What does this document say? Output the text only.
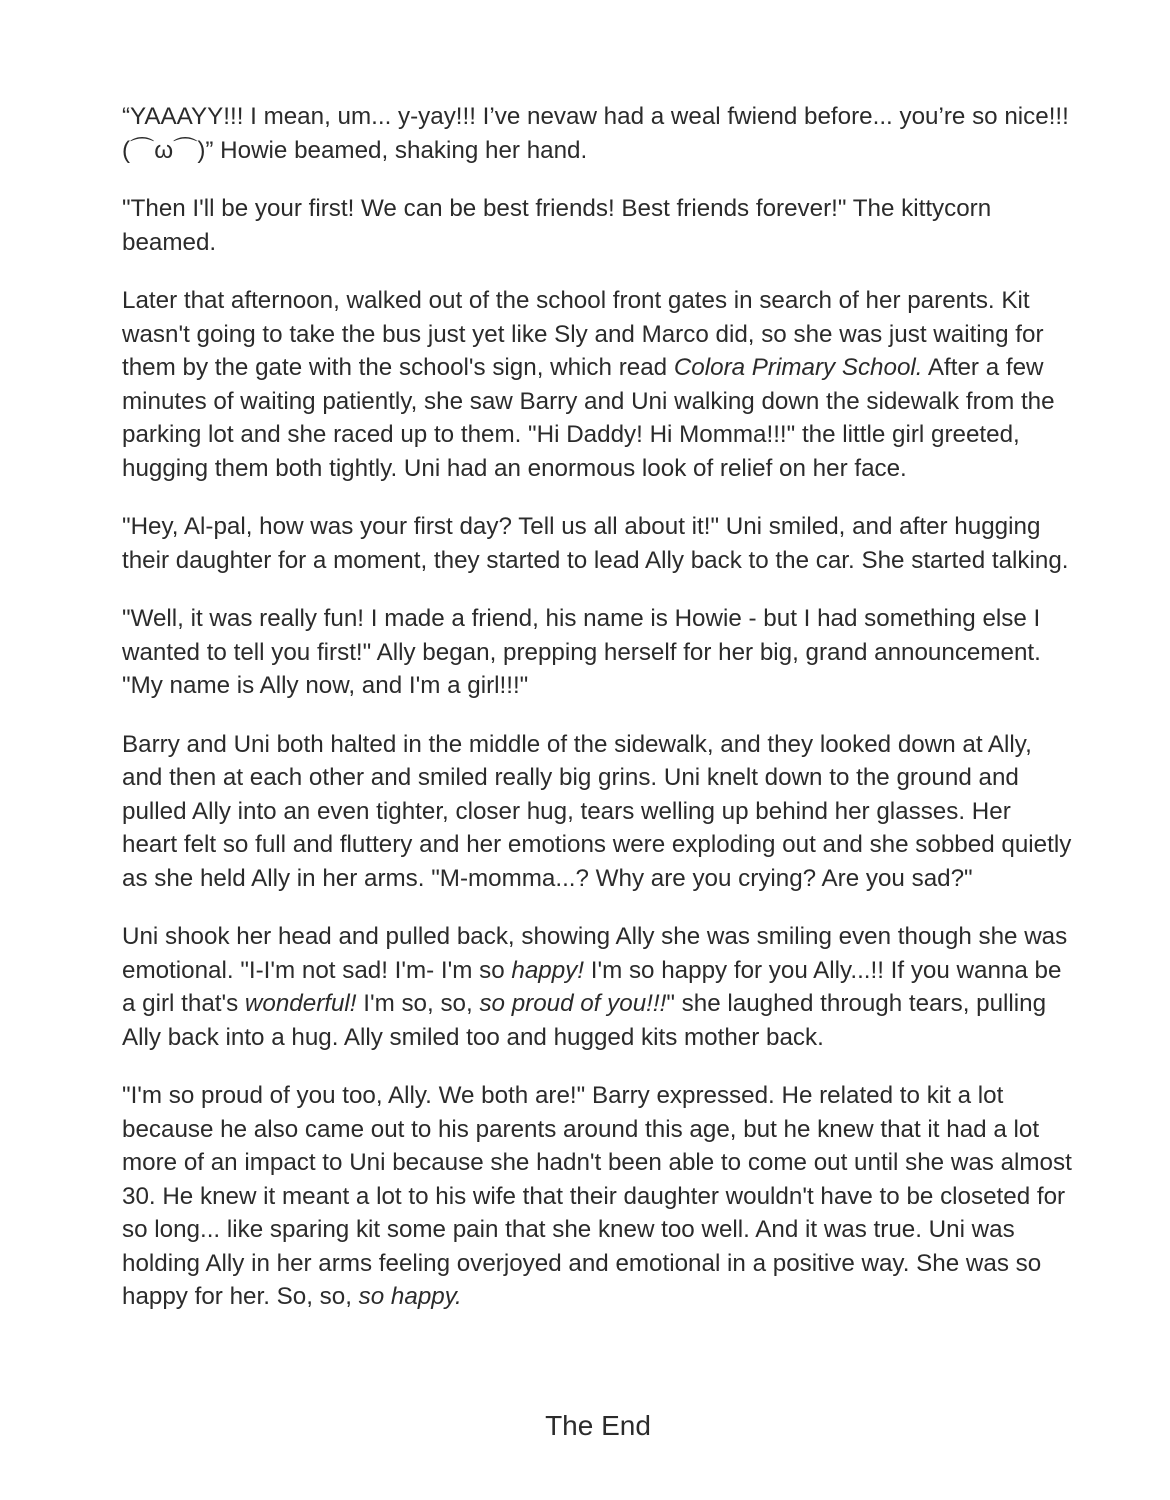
“YAAAYY!!! I mean, um... y-yay!!! I’ve nevaw had a weal fwiend before... you’re so nice!!! (⌒ω⌒)” Howie beamed, shaking her hand.

"Then I'll be your first! We can be best friends! Best friends forever!" The kittycorn beamed.

Later that afternoon, walked out of the school front gates in search of her parents. Kit wasn't going to take the bus just yet like Sly and Marco did, so she was just waiting for them by the gate with the school's sign, which read Colora Primary School. After a few minutes of waiting patiently, she saw Barry and Uni walking down the sidewalk from the parking lot and she raced up to them. "Hi Daddy! Hi Momma!!!" the little girl greeted, hugging them both tightly. Uni had an enormous look of relief on her face.

"Hey, Al-pal, how was your first day? Tell us all about it!" Uni smiled, and after hugging their daughter for a moment, they started to lead Ally back to the car. She started talking.

"Well, it was really fun! I made a friend, his name is Howie - but I had something else I wanted to tell you first!" Ally began, prepping herself for her big, grand announcement. "My name is Ally now, and I'm a girl!!!"

Barry and Uni both halted in the middle of the sidewalk, and they looked down at Ally, and then at each other and smiled really big grins. Uni knelt down to the ground and pulled Ally into an even tighter, closer hug, tears welling up behind her glasses. Her heart felt so full and fluttery and her emotions were exploding out and she sobbed quietly as she held Ally in her arms. "M-momma...? Why are you crying? Are you sad?"

Uni shook her head and pulled back, showing Ally she was smiling even though she was emotional. "I-I'm not sad! I'm- I'm so happy! I'm so happy for you Ally...!! If you wanna be a girl that's wonderful! I'm so, so, so proud of you!!!" she laughed through tears, pulling Ally back into a hug. Ally smiled too and hugged kits mother back.

"I'm so proud of you too, Ally. We both are!" Barry expressed. He related to kit a lot because he also came out to his parents around this age, but he knew that it had a lot more of an impact to Uni because she hadn't been able to come out until she was almost 30. He knew it meant a lot to his wife that their daughter wouldn't have to be closeted for so long... like sparing kit some pain that she knew too well. And it was true. Uni was holding Ally in her arms feeling overjoyed and emotional in a positive way. She was so happy for her. So, so, so happy.

The End
